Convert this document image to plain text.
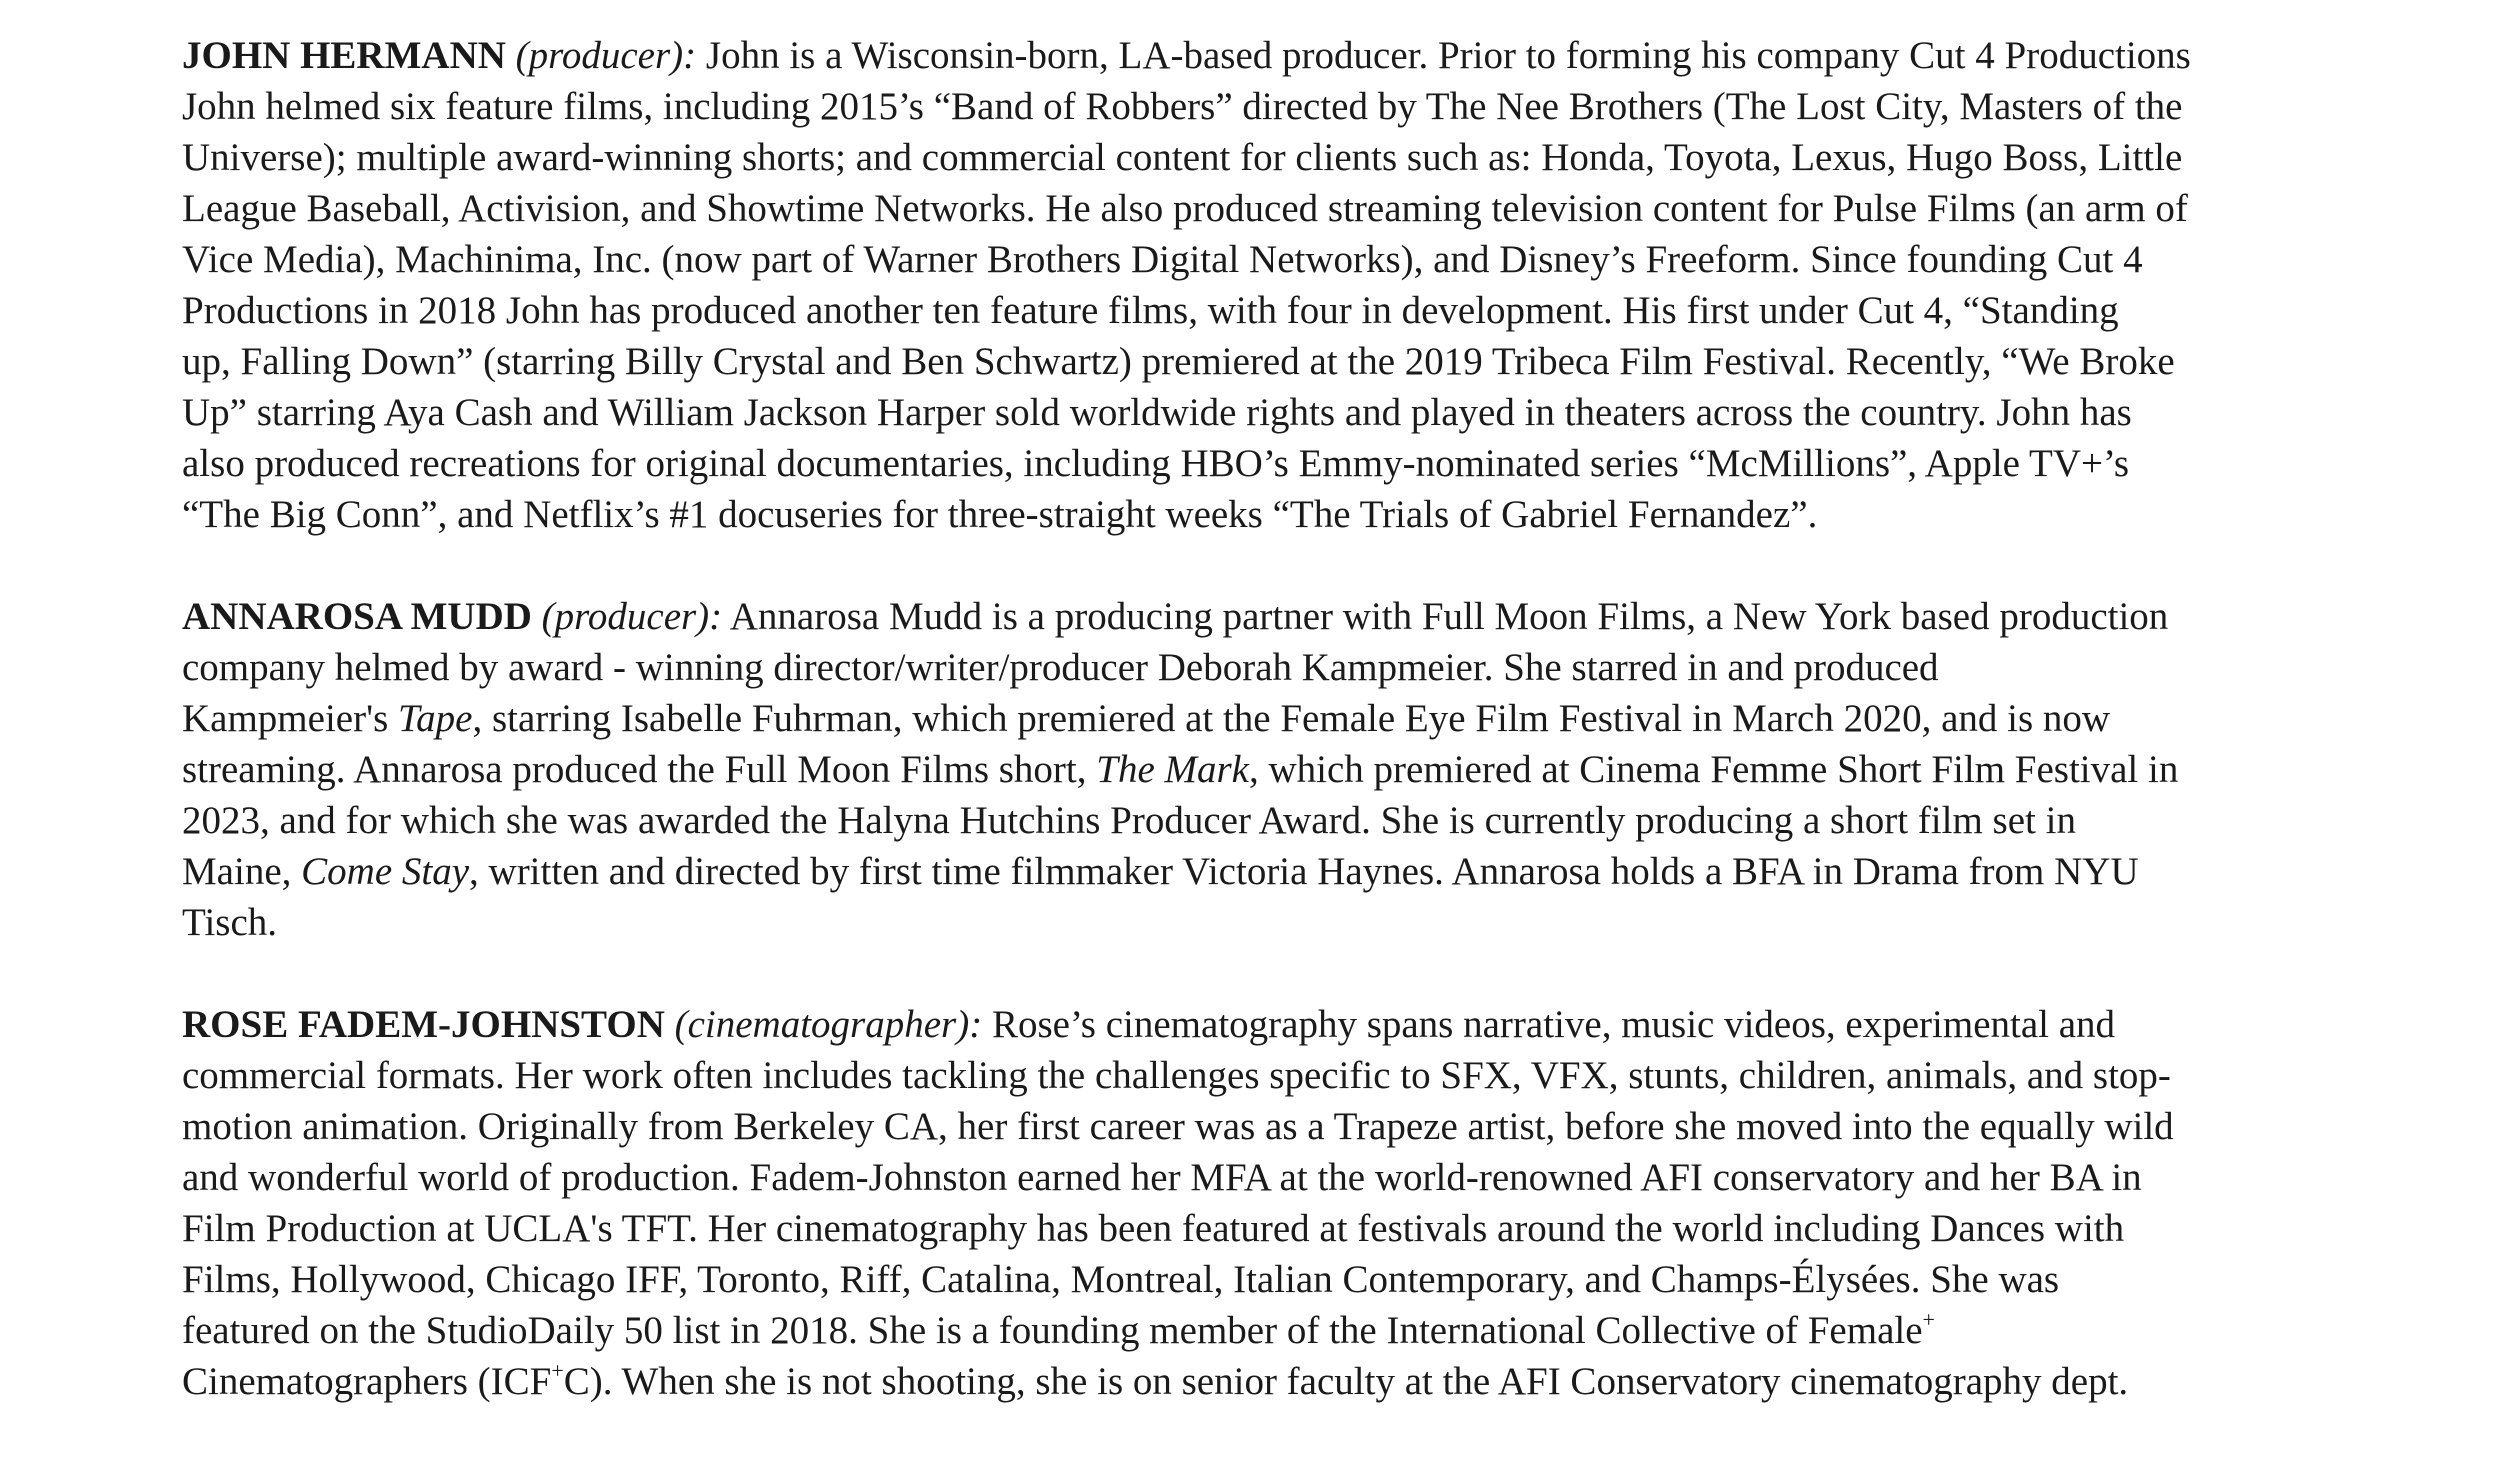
JOHN HERMANN (producer): John is a Wisconsin-born, LA-based producer. Prior to forming his company Cut 4 Productions
John helmed six feature films, including 2015’s “Band of Robbers” directed by The Nee Brothers (The Lost City, Masters of the
Universe); multiple award-winning shorts; and commercial content for clients such as: Honda, Toyota, Lexus, Hugo Boss, Little
League Baseball, Activision, and Showtime Networks. He also produced streaming television content for Pulse Films (an arm of
Vice Media), Machinima, Inc. (now part of Warner Brothers Digital Networks), and Disney’s Freeform. Since founding Cut 4
Productions in 2018 John has produced another ten feature films, with four in development. His first under Cut 4, “Standing
up, Falling Down” (starring Billy Crystal and Ben Schwartz) premiered at the 2019 Tribeca Film Festival. Recently, “We Broke
Up” starring Aya Cash and William Jackson Harper sold worldwide rights and played in theaters across the country. John has
also produced recreations for original documentaries, including HBO’s Emmy-nominated series “McMillions”, Apple TV+’s
“The Big Conn”, and Netflix’s #1 docuseries for three-straight weeks “The Trials of Gabriel Fernandez”.

ANNAROSA MUDD (producer): Annarosa Mudd is a producing partner with Full Moon Films, a New York based production
company helmed by award - winning director/writer/producer Deborah Kampmeier. She starred in and produced
Kampmeier's Tape, starring Isabelle Fuhrman, which premiered at the Female Eye Film Festival in March 2020, and is now
streaming. Annarosa produced the Full Moon Films short, The Mark, which premiered at Cinema Femme Short Film Festival in
2023, and for which she was awarded the Halyna Hutchins Producer Award. She is currently producing a short film set in
Maine, Come Stay, written and directed by first time filmmaker Victoria Haynes. Annarosa holds a BFA in Drama from NYU
Tisch.

ROSE FADEM-JOHNSTON (cinematographer): Rose’s cinematography spans narrative, music videos, experimental and
commercial formats. Her work often includes tackling the challenges specific to SFX, VFX, stunts, children, animals, and stop-
motion animation. Originally from Berkeley CA, her first career was as a Trapeze artist, before she moved into the equally wild
and wonderful world of production. Fadem-Johnston earned her MFA at the world-renowned AFI conservatory and her BA in
Film Production at UCLA's TFT. Her cinematography has been featured at festivals around the world including Dances with
Films, Hollywood, Chicago IFF, Toronto, Riff, Catalina, Montreal, Italian Contemporary, and Champs-Élysées. She was
featured on the StudioDaily 50 list in 2018. She is a founding member of the International Collective of Female+
Cinematographers (ICF+C). When she is not shooting, she is on senior faculty at the AFI Conservatory cinematography dept.
